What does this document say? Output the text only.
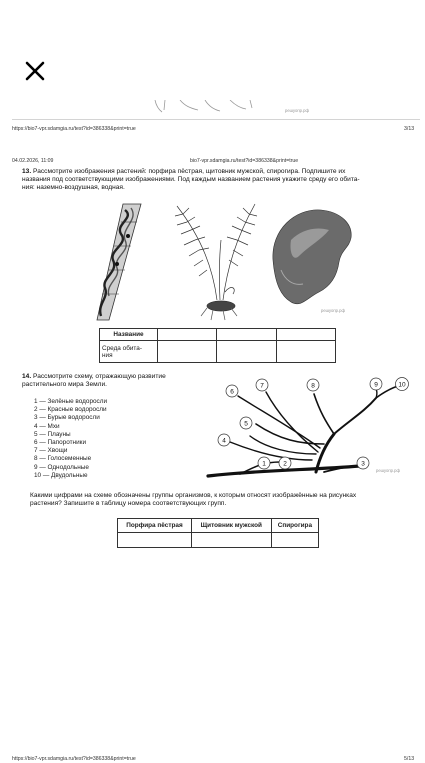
решуопр.рф
https://bio7-vpr.sdamgia.ru/test?id=386338&print=true	3/13
04.02.2026, 11:09	bio7-vpr.sdamgia.ru/test?id=386338&print=true
13. Рассмотрите изображения растений: порфира пёстрая, щитовник мужской, спирогира. Подпишите их
названия под соответствующими изображениями. Под каждым названием растения укажите среду его обита-
ния: наземно-воздушная, водная.
решуопр.рф
Название			

Среда обита-
ния			

14. Рассмотрите схему, отражающую развитие
растительного мира Земли.
1 — Зелёные водоросли
2 — Красные водоросли
3 — Бурые водоросли
4 — Мхи
5 — Плауны
6 — Папоротники
7 — Хвощи
8 — Голосеменные
9 — Однодольные
10 — Двудольные
1	2	3
4
5
6
7	8	9	10
решуопр.рф
Какими цифрами на схеме обозначены группы организмов, к которым относят изображённые на рисунках
растения? Запишите в таблицу номера соответствующих групп.
Порфира пёстрая	Щитовник мужской	Спирогира

https://bio7-vpr.sdamgia.ru/test?id=386338&print=true	5/13
